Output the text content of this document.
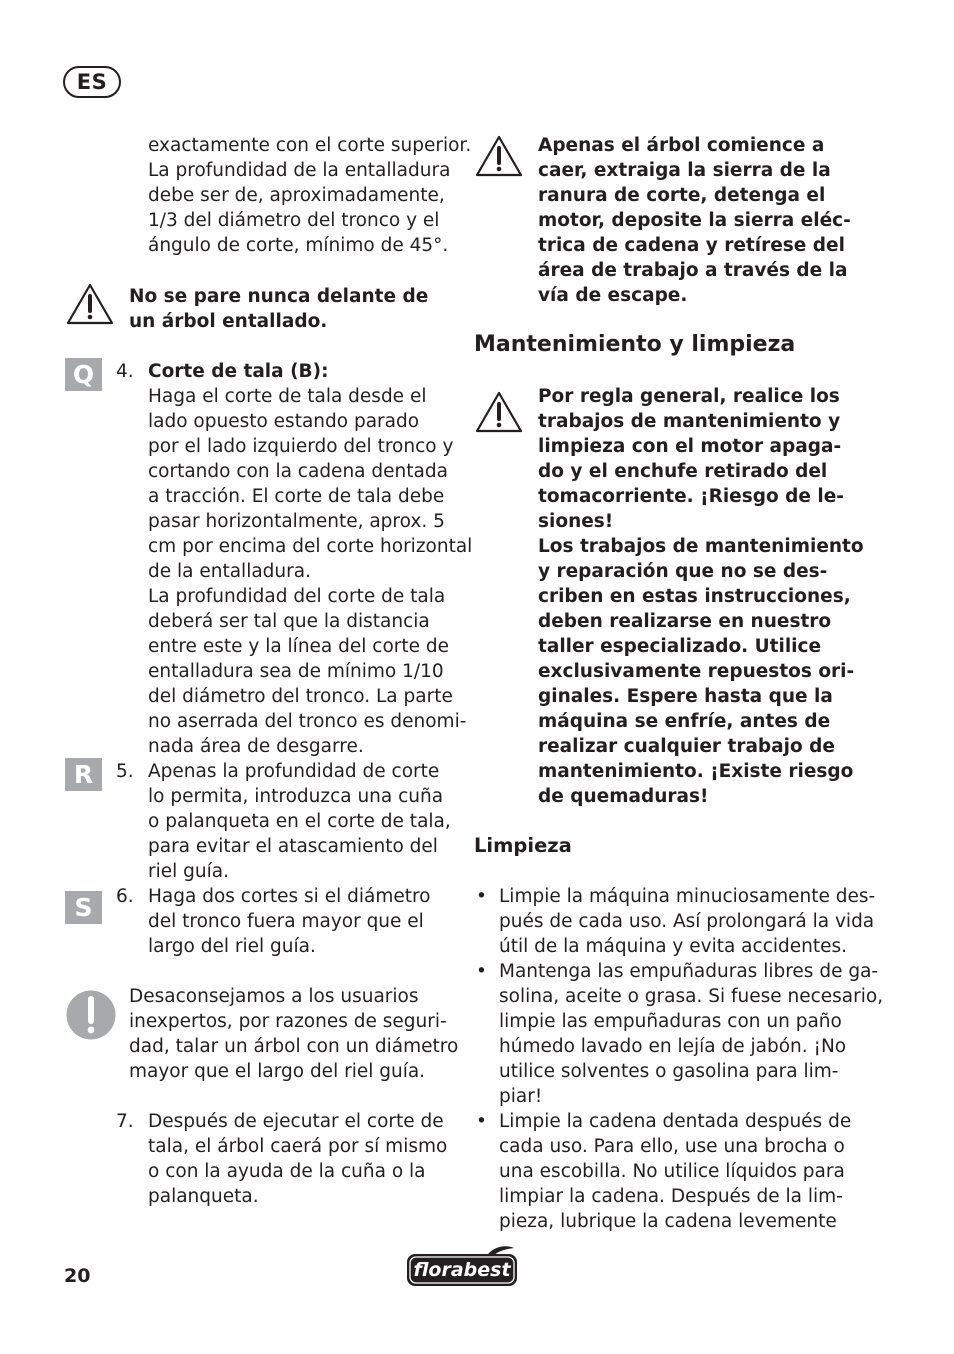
ES
exactamente con el corte superior.
La profundidad de la entalladura
debe ser de, aproximadamente,
1/3 del diámetro del tronco y el
ángulo de corte, mínimo de 45°.
No se pare nunca delante de
un árbol entallado.
Q	4. Corte de tala (B):
Haga el corte de tala desde el
lado opuesto estando parado
por el lado izquierdo del tronco y
cortando con la cadena dentada
a tracción. El corte de tala debe
pasar horizontalmente, aprox. 5
cm por encima del corte horizontal
de la entalladura.
La profundidad del corte de tala
deberá ser tal que la distancia
entre este y la línea del corte de
entalladura sea de mínimo 1/10
del diámetro del tronco. La parte
no aserrada del tronco es denomi-
nada área de desgarre.
R	5. Apenas la profundidad de corte
lo permita, introduzca una cuña
o palanqueta en el corte de tala,
para evitar el atascamiento del
riel guía.
S	6. Haga dos cortes si el diámetro
del tronco fuera mayor que el
largo del riel guía.
Desaconsejamos a los usuarios
inexpertos, por razones de seguri-
dad, talar un árbol con un diámetro
mayor que el largo del riel guía.
7. Después de ejecutar el corte de
tala, el árbol caerá por sí mismo
o con la ayuda de la cuña o la
palanqueta.
Apenas el árbol comience a
caer, extraiga la sierra de la
ranura de corte, detenga el
motor, deposite la sierra eléc-
trica de cadena y retírese del
área de trabajo a través de la
vía de escape.
Mantenimiento y limpieza
Por regla general, realice los
trabajos de mantenimiento y
limpieza con el motor apaga-
do y el enchufe retirado del
tomacorriente. ¡Riesgo de le-
siones!
Los trabajos de mantenimiento
y reparación que no se des-
criben en estas instrucciones,
deben realizarse en nuestro
taller especializado. Utilice
exclusivamente repuestos ori-
ginales. Espere hasta que la
máquina se enfríe, antes de
realizar cualquier trabajo de
mantenimiento. ¡Existe riesgo
de quemaduras!
Limpieza
• Limpie la máquina minuciosamente des-
pués de cada uso. Así prolongará la vida
útil de la máquina y evita accidentes.
• Mantenga las empuñaduras libres de ga-
solina, aceite o grasa. Si fuese necesario,
limpie las empuñaduras con un paño
húmedo lavado en lejía de jabón. ¡No
utilice solventes o gasolina para lim-
piar!
• Limpie la cadena dentada después de
cada uso. Para ello, use una brocha o
una escobilla. No utilice líquidos para
limpiar la cadena. Después de la lim-
pieza, lubrique la cadena levemente
20	florabest
